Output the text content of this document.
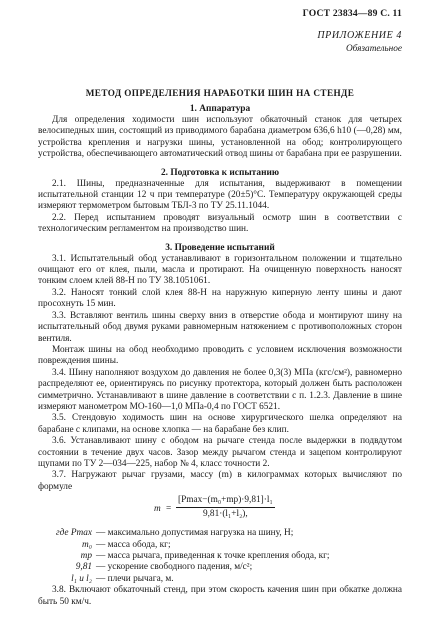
ГОСТ 23834—89 С. 11
ПРИЛОЖЕНИЕ 4
Обязательное
МЕТОД ОПРЕДЕЛЕНИЯ НАРАБОТКИ ШИН НА СТЕНДЕ
1. Аппаратура

Для определения ходимости шин используют обкаточный станок для четырех велосипедных шин, состоящий из приводимого барабана диаметром 636,6 h10 (—0,28) мм, устройства крепления и нагрузки шины, установленной на обод; контролирующего устройства, обеспечивающего автоматический отвод шины от барабана при ее разрушении.

2. Подготовка к испытанию

2.1. Шины, предназначенные для испытания, выдерживают в помещении испытательной станции 12 ч при температуре (20±5)°С. Температуру окружающей среды измеряют термометром бытовым ТБЛ-3 по ТУ 25.11.1044.

2.2. Перед испытанием проводят визуальный осмотр шин в соответствии с технологическим регламентом на производство шин.

3. Проведение испытаний

3.1. Испытательный обод устанавливают в горизонтальном положении и тщательно очищают его от клея, пыли, масла и протирают. На очищенную поверхность наносят тонким слоем клей 88-Н по ТУ 38.1051061.

3.2. Наносят тонкий слой клея 88-Н на наружную киперную ленту шины и дают просохнуть 15 мин.

3.3. Вставляют вентиль шины сверху вниз в отверстие обода и монтируют шину на испытательный обод двумя руками равномерным натяжением с противоположных сторон вентиля.

Монтаж шины на обод необходимо проводить с условием исключения возможности повреждения шины.

3.4. Шину наполняют воздухом до давления не более 0,3(3) МПа (кгс/см²), равномерно распределяют ее, ориентируясь по рисунку протектора, который должен быть расположен симметрично. Устанавливают в шине давление в соответствии с п. 1.2.3. Давление в шине измеряют манометром МО-160—1,0 МПа-0,4 по ГОСТ 6521.

3.5. Стендовую ходимость шин на основе хирургического шелка определяют на барабане с клипами, на основе хлопка — на барабане без клип.

3.6. Устанавливают шину с ободом на рычаге стенда после выдержки в подвдутом состоянии в течение двух часов. Зазор между рычагом стенда и зацепом контролируют щупами по ТУ 2—034—225, набор № 4, класс точности 2.

3.7. Нагружают рычаг грузами, массу (m) в килограммах которых вычисляют по формуле

m =
[Pmax−(m₀+mр)·9,81]·l₁
9,81·(l₁+l₂),
где Pmax — максимально допустимая нагрузка на шину, Н;
m₀ — масса обода, кг;
mр — масса рычага, приведенная к точке крепления обода, кг;
9,81 — ускорение свободного падения, м/с²;
l₁ и l₂ — плечи рычага, м.

3.8. Включают обкаточный стенд, при этом скорость качения шин при обкатке должна быть 50 км/ч.
